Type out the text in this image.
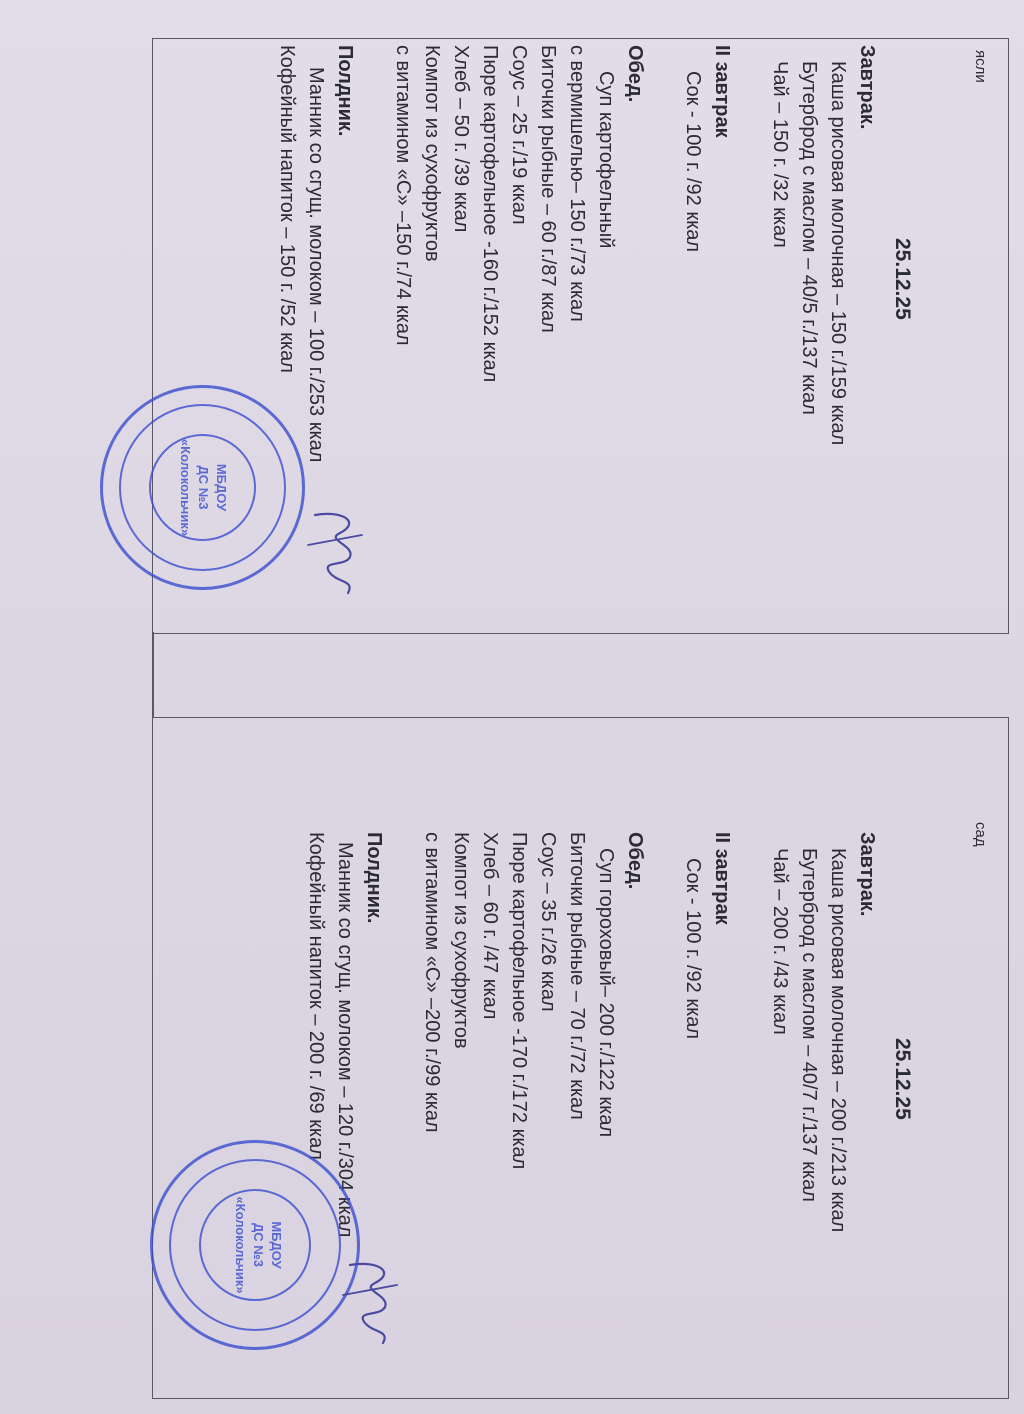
ясли
25.12.25
Завтрак.
Каша рисовая молочная – 150 г./159 ккал
Бутерброд с маслом – 40/5 г./137 ккал
Чай – 150 г. /32 ккал
II завтрак
Сок - 100 г. /92 ккал
Обед.
Суп картофельный
с вермишелью– 150 г./73 ккал
Биточки рыбные – 60 г./87 ккал
Соус – 25 г./19 ккал
Пюре картофельное -160 г./152 ккал
Хлеб – 50 г. /39 ккал
Компот из сухофруктов
с витамином «С» –150 г./74 ккал
Полдник.
Манник со сгущ. молоком – 100 г./253 ккал
Кофейный напиток – 150 г. /52 ккал
сад
25.12.25
Завтрак.
Каша рисовая молочная – 200 г./213 ккал
Бутерброд с маслом – 40/7 г./137 ккал
Чай – 200 г. /43 ккал
II завтрак
Сок - 100 г. /92 ккал
Обед.
Суп гороховый– 200 г./122 ккал
Биточки рыбные – 70 г./72 ккал
Соус – 35 г./26 ккал
Пюре картофельное -170 г./172 ккал
Хлеб – 60 г. /47 ккал
Компот из сухофруктов
с витамином «С» –200 г./99 ккал
Полдник.
Манник со сгущ. молоком – 120 г./304 ккал
Кофейный напиток – 200 г. /69 ккал
МБДОУ
ДС №3
«Колокольчик»
МБДОУ
ДС №3
«Колокольчик»
